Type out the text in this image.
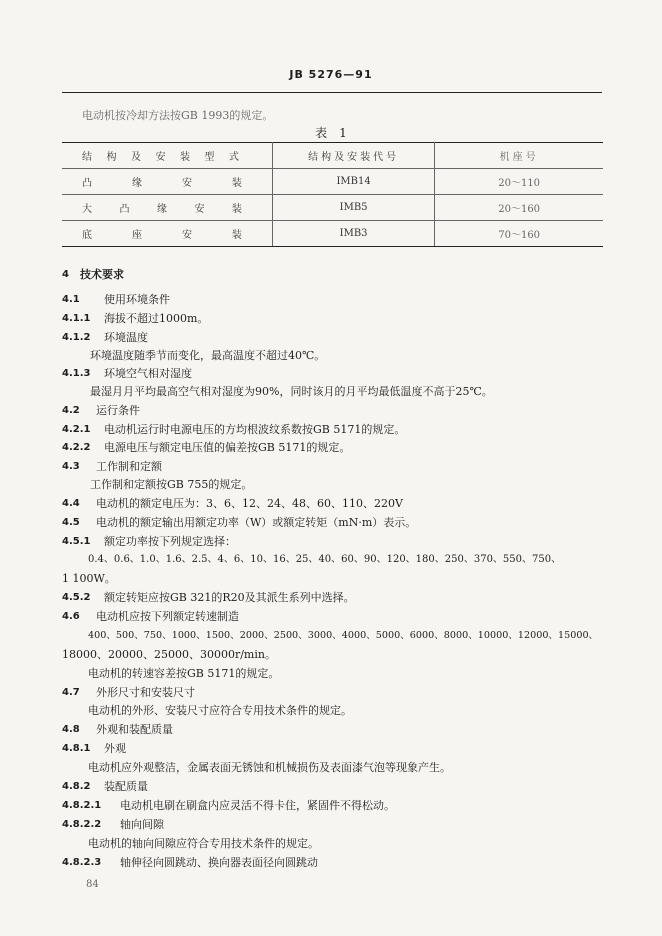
JB 5276—91
电动机按冷却方法按GB 1993的规定。
表　1
结构及安装型式	结构及安装代号	机座号
凸缘安装	IMB14	20～110
大凸缘安装	IMB5	20～160
底座安装	IMB3	70～160
4 技术要求
4.1 使用环境条件
4.1.1 海拔不超过1000m。
4.1.2 环境温度
环境温度随季节而变化，最高温度不超过40℃。
4.1.3 环境空气相对湿度
最湿月月平均最高空气相对湿度为90%，同时该月的月平均最低温度不高于25℃。
4.2 运行条件
4.2.1 电动机运行时电源电压的方均根波纹系数按GB 5171的规定。
4.2.2 电源电压与额定电压值的偏差按GB 5171的规定。
4.3 工作制和定额
工作制和定额按GB 755的规定。
4.4 电动机的额定电压为：3、6、12、24、48、60、110、220V
4.5 电动机的额定输出用额定功率（W）或额定转矩（mN·m）表示。
4.5.1 额定功率按下列规定选择：
0.4、0.6、1.0、1.6、2.5、4、6、10、16、25、40、60、90、120、180、250、370、550、750、
1 100W。
4.5.2 额定转矩应按GB 321的R20及其派生系列中选择。
4.6 电动机应按下列额定转速制造
400、500、750、1000、1500、2000、2500、3000、4000、5000、6000、8000、10000、12000、15000、
18000、20000、25000、30000r/min。
电动机的转速容差按GB 5171的规定。
4.7 外形尺寸和安装尺寸
电动机的外形、安装尺寸应符合专用技术条件的规定。
4.8 外观和装配质量
4.8.1 外观
电动机应外观整洁，金属表面无锈蚀和机械损伤及表面漆气泡等现象产生。
4.8.2 装配质量
4.8.2.1 电动机电刷在刷盒内应灵活不得卡住，紧固件不得松动。
4.8.2.2 轴向间隙
电动机的轴向间隙应符合专用技术条件的规定。
4.8.2.3 轴伸径向圆跳动、换向器表面径向圆跳动
84
